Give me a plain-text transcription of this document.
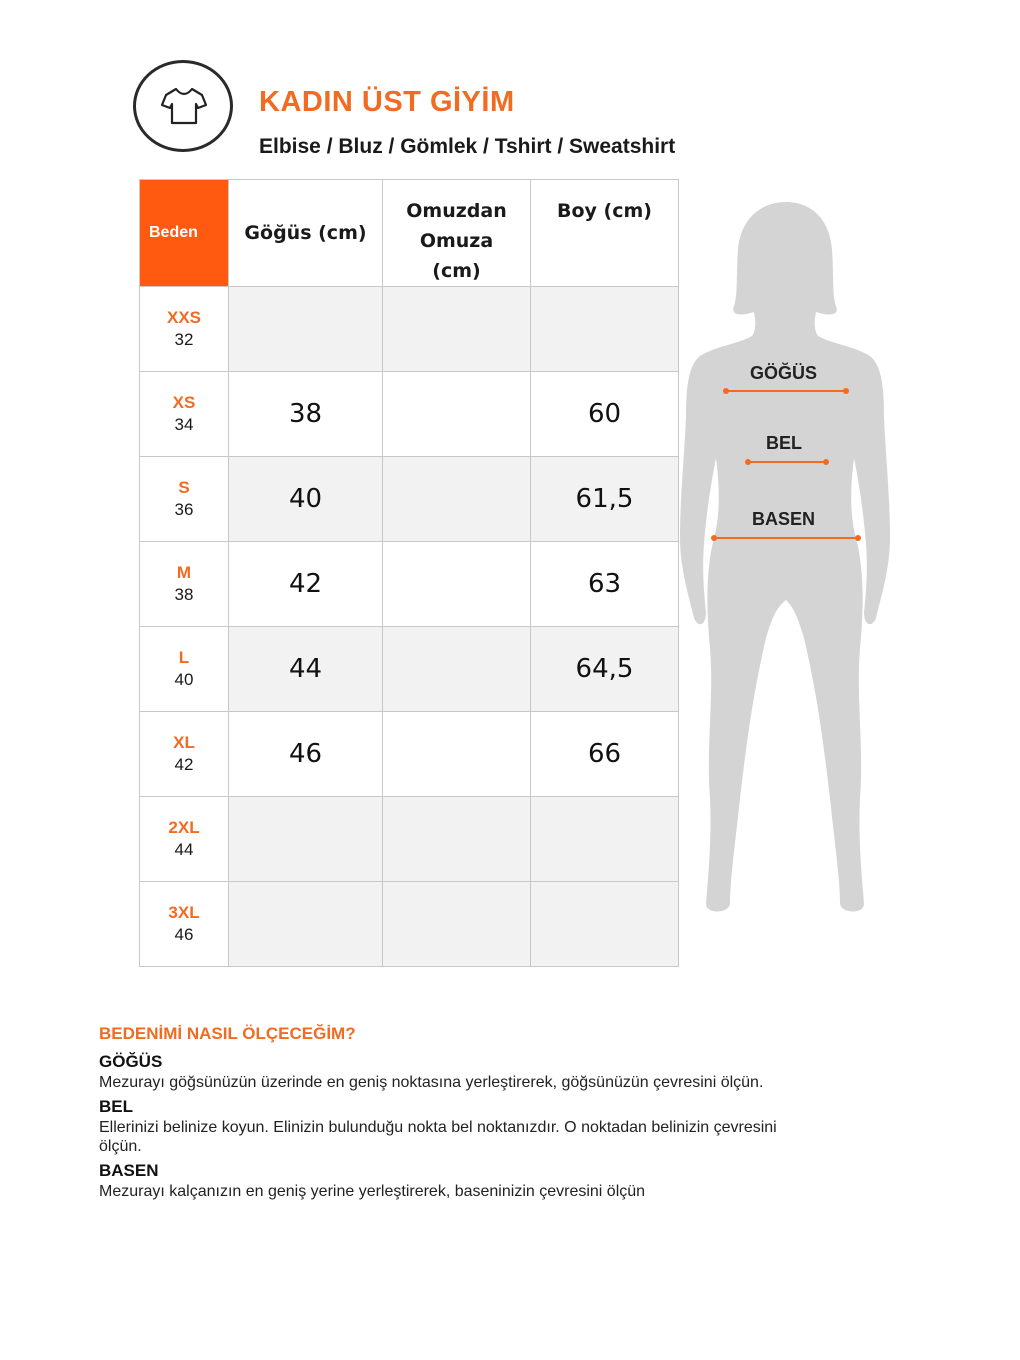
KADIN ÜST GİYİM

Elbise / Bluz / Gömlek / Tshirt / Sweatshirt

Beden	Göğüs (cm)	Omuzdan Omuza (cm)	Boy (cm)

XXS
32			

XS
34	38		60

S
36	40		61,5

M
38	42		63

L
40	44		64,5

XL
42	46		66

2XL
44			

3XL
46			

GÖĞÜS
BEL
BASEN
BEDENİMİ NASIL ÖLÇECEĞİM?
GÖĞÜS

Mezurayı göğsünüzün üzerinde en geniş noktasına yerleştirerek, göğsünüzün çevresini ölçün.

BEL

Ellerinizi belinize koyun. Elinizin bulunduğu nokta bel noktanızdır. O noktadan belinizin çevresini ölçün.

BASEN

Mezurayı kalçanızın en geniş yerine yerleştirerek, baseninizin çevresini ölçün
